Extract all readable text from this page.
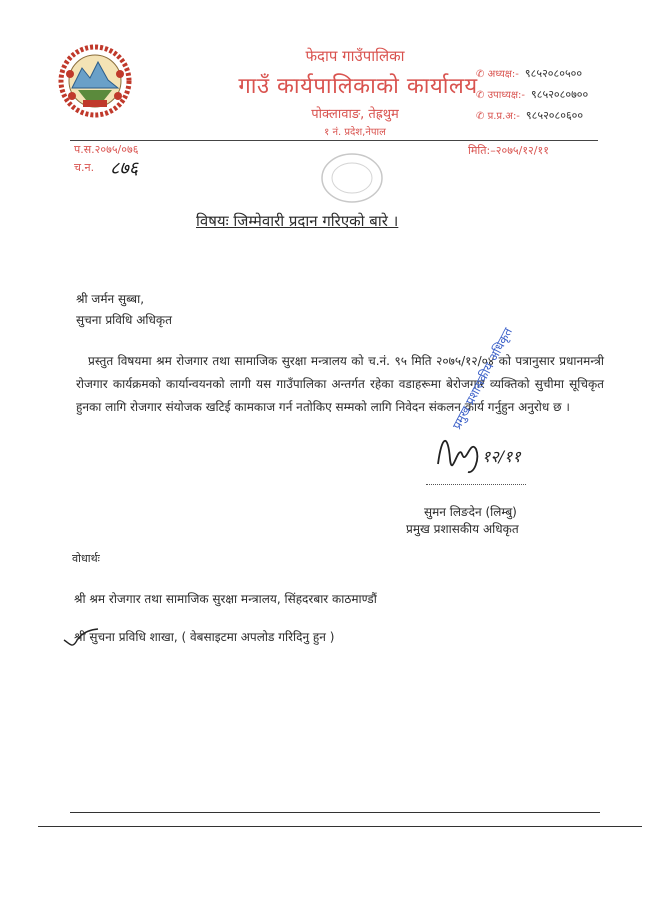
फेदाप गाउँपालिका
गाउँ कार्यपालिकाको कार्यालय
पोक्लावाङ, तेह्रथुम
१ नं. प्रदेश,नेपाल
✆ अध्यक्ष:- ९८५२०८०५००
✆ उपाध्यक्ष:- ९८५२०८०७००
✆ प्र.प्र.अ:- ९८५२०८०६००
प.स.२०७५/०७६
च.न. ८७६
मिति:–२०७५/१२/११
विषयः जिम्मेवारी प्रदान गरिएको बारे ।
श्री जर्मन सुब्बा,
सुचना प्रविधि अधिकृत
प्रस्तुत विषयमा श्रम रोजगार तथा सामाजिक सुरक्षा मन्त्रालय को च.नं. ९५ मिति २०७५/१२/०४ को पत्रानुसार प्रधानमन्त्री रोजगार कार्यक्रमको कार्यान्वयनको लागी यस गाउँपालिका अन्तर्गत रहेका वडाहरूमा बेरोजगार व्यक्तिको सुचीमा सूचिकृत हुनका लागि रोजगार संयोजक खटिई कामकाज गर्न नतोकिए सम्मको लागि निवेदन संकलन कार्य गर्नुहुन अनुरोध छ ।
प्रमुख प्रशासकीय अधिकृत
१२/११
सुमन लिङदेन (लिम्बु)
प्रमुख प्रशासकीय अधिकृत
वोधार्थः
श्री श्रम रोजगार तथा सामाजिक सुरक्षा मन्त्रालय, सिंहदरबार काठमाण्डौं
श्री सुचना प्रविधि शाखा, ( वेबसाइटमा अपलोड गरिदिनु हुन )
